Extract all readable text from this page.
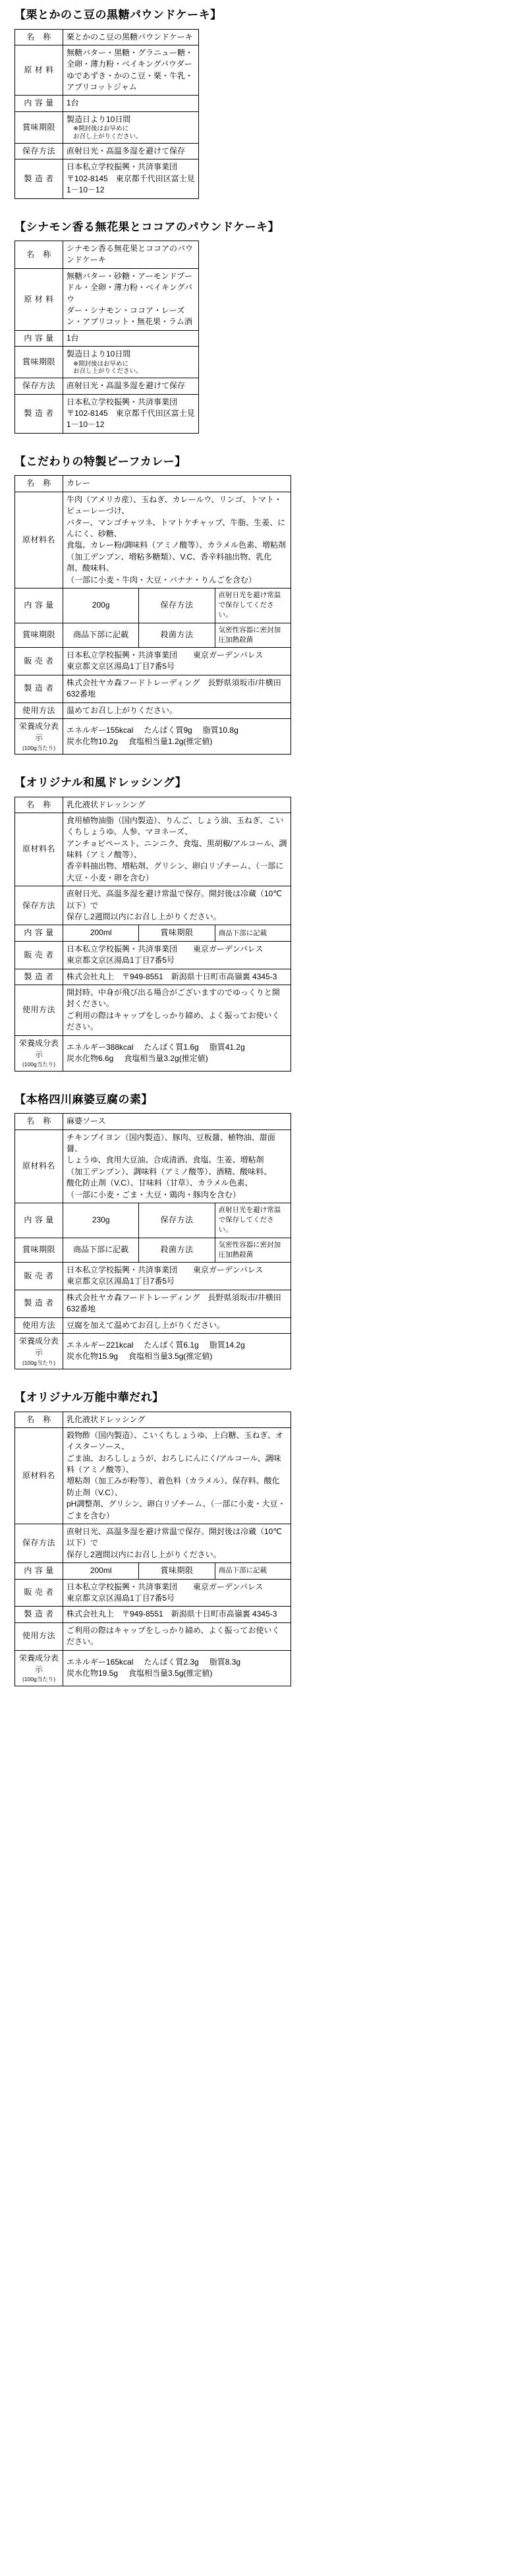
【栗とかのこ豆の黒糖パウンドケーキ】
名　称	栗とかのこ豆の黒糖パウンドケーキ
原 材 料	無糖バター・黒糖・グラニュー糖・全卵・薄力粉・ベイキングパウダー
ゆであずき・かのこ豆・栗・牛乳・アプリコットジャム
内 容 量	1台
賞味期限	製造日より10日間※開封後はお早めに
お召し上がりください。
保存方法	直射日光・高温多湿を避けて保存
製 造 者	日本私立学校振興・共済事業団
〒102-8145　東京都千代田区富士見1－10－12
【シナモン香る無花果とココアのパウンドケーキ】
名　称	シナモン香る無花果とココアのパウンドケーキ
原 材 料	無糖バター・砂糖・アーモンドプードル・全卵・薄力粉・ベイキングパウ
ダー・シナモン・ココア・レーズン・アプリコット・無花果・ラム酒
内 容 量	1台
賞味期限	製造日より10日間※開封後はお早めに
お召し上がりください。
保存方法	直射日光・高温多湿を避けて保存
製 造 者	日本私立学校振興・共済事業団
〒102-8145　東京都千代田区富士見1－10－12
【こだわりの特製ビーフカレー】
名　称	カレー		
原材料名	牛肉（アメリカ産）、玉ねぎ、カレールウ、リンゴ、トマト・ピューレーづけ、
バター、マンゴチャツネ、トマトケチャップ、牛脂、生姜、にんにく、砂糖、
食塩、カレー粉/調味料（アミノ酸等）、カラメル色素、増粘剤
（加工デンプン、増粘多糖類）、V.C、香辛料抽出物、乳化剤、酸味料、
（一部に小麦・牛肉・大豆・バナナ・りんごを含む）		
内 容 量	200g	保存方法	直射日光を避け常温で保存してください。
賞味期限	商品下部に記載	殺菌方法	気密性容器に密封加圧加熱殺菌
販 売 者	日本私立学校振興・共済事業団　　東京ガーデンパレス
東京都文京区湯島1丁目7番5号		
製 造 者	株式会社ヤカ森フードトレーディング　長野県須坂市/井横田632番地		
使用方法	温めてお召し上がりください。		
栄養成分表示
(100g当たり)	エネルギー155kcal たんぱく質9g 脂質10.8g
炭水化物10.2g 食塩相当量1.2g(推定値)		
【オリジナル和風ドレッシング】
名　称	乳化液状ドレッシング		
原材料名	食用植物油脂（国内製造）、りんご、しょう油、玉ねぎ、こいくちしょうゆ、人参、マヨネーズ、
アンチョビペースト、ニンニク、食塩、黒胡椒/アルコール、調味料（アミノ酸等）、
香辛料抽出物、増粘剤、グリシン、卵白リゾチーム、（一部に大豆・小麦・卵を含む）		
保存方法	直射日光、高温多湿を避け常温で保存。開封後は冷蔵（10℃以下）で
保存し2週間以内にお召し上がりください。		
内 容 量	200ml	賞味期限	商品下部に記載
販 売 者	日本私立学校振興・共済事業団　　東京ガーデンパレス
東京都文京区湯島1丁目7番5号		
製 造 者	株式会社丸上　〒949-8551　新潟県十日町市高嶺裏 4345-3		
使用方法	開封時、中身が飛び出る場合がございますのでゆっくりと開封ください。
ご利用の際はキャップをしっかり締め、よく振ってお使いください。		
栄養成分表示
(100g当たり)	エネルギー388kcal たんぱく質1.6g 脂質41.2g
炭水化物6.6g 食塩相当量3.2g(推定値)		
【本格四川麻婆豆腐の素】
名　称	麻婆ソース		
原材料名	チキンブイヨン（国内製造）、豚肉、豆板醤、植物油、甜面醤、
しょうゆ、食用大豆油、合成清酒、食塩、生姜、増粘剤
（加工デンプン）、調味料（アミノ酸等）、酒精、酸味料、
酸化防止剤（V.C）、甘味料（甘草）、カラメル色素、
（一部に小麦・ごま・大豆・鶏肉・豚肉を含む）		
内 容 量	230g	保存方法	直射日光を避け常温で保存してください。
賞味期限	商品下部に記載	殺菌方法	気密性容器に密封加圧加熱殺菌
販 売 者	日本私立学校振興・共済事業団　　東京ガーデンパレス
東京都文京区湯島1丁目7番5号		
製 造 者	株式会社ヤカ森フードトレーディング　長野県須坂市/井横田632番地		
使用方法	豆腐を加えて温めてお召し上がりください。		
栄養成分表示
(100g当たり)	エネルギー221kcal たんぱく質6.1g 脂質14.2g
炭水化物15.9g 食塩相当量3.5g(推定値)		
【オリジナル万能中華だれ】
名　称	乳化液状ドレッシング		
原材料名	穀物酢（国内製造）、こいくちしょうゆ、上白糖、玉ねぎ、オイスターソース、
ごま油、おろししょうが、おろしにんにく/アルコール、調味料（アミノ酸等）、
増粘剤（加工みが粉等）、着色料（カラメル）、保存料、酸化防止剤（V.C）、
pH調整剤、グリシン、卵白リゾチーム、（一部に小麦・大豆・ごまを含む）		
保存方法	直射日光、高温多湿を避け常温で保存。開封後は冷蔵（10℃以下）で
保存し2週間以内にお召し上がりください。		
内 容 量	200ml	賞味期限	商品下部に記載
販 売 者	日本私立学校振興・共済事業団　　東京ガーデンパレス
東京都文京区湯島1丁目7番5号		
製 造 者	株式会社丸上　〒949-8551　新潟県十日町市高嶺裏 4345-3		
使用方法	ご利用の際はキャップをしっかり締め、よく振ってお使いください。		
栄養成分表示
(100g当たり)	エネルギー165kcal たんぱく質2.3g 脂質8.3g
炭水化物19.5g 食塩相当量3.5g(推定値)		
